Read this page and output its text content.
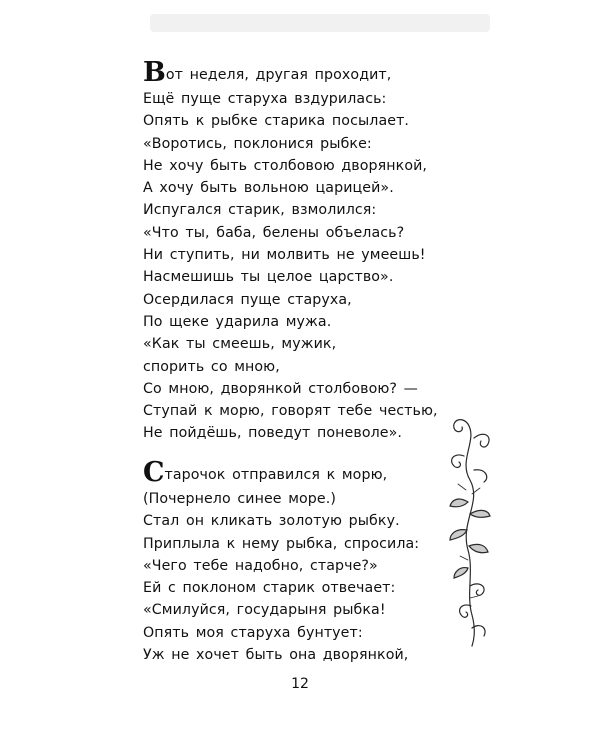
Вот неделя, другая проходит,
Ещё пуще старуха вздурилась:
Опять к рыбке старика посылает.
«Воротись, поклонися рыбке:
Не хочу быть столбовою дворянкой,
А хочу быть вольною царицей».
Испугался старик, взмолился:
«Что ты, баба, белены объелась?
Ни ступить, ни молвить не умеешь!
Насмешишь ты целое царство».
Осердилася пуще старуха,
По щеке ударила мужа.
«Как ты смеешь, мужик,
спорить со мною,
Со мною, дворянкой столбовою? —
Ступай к морю, говорят тебе честью,
Не пойдёшь, поведут поневоле».
Старочок отправился к морю,
(Почернело синее море.)
Стал он кликать золотую рыбку.
Приплыла к нему рыбка, спросила:
«Чего тебе надобно, старче?»
Ей с поклоном старик отвечает:
«Смилуйся, государыня рыбка!
Опять моя старуха бунтует:
Уж не хочет быть она дворянкой,
12
